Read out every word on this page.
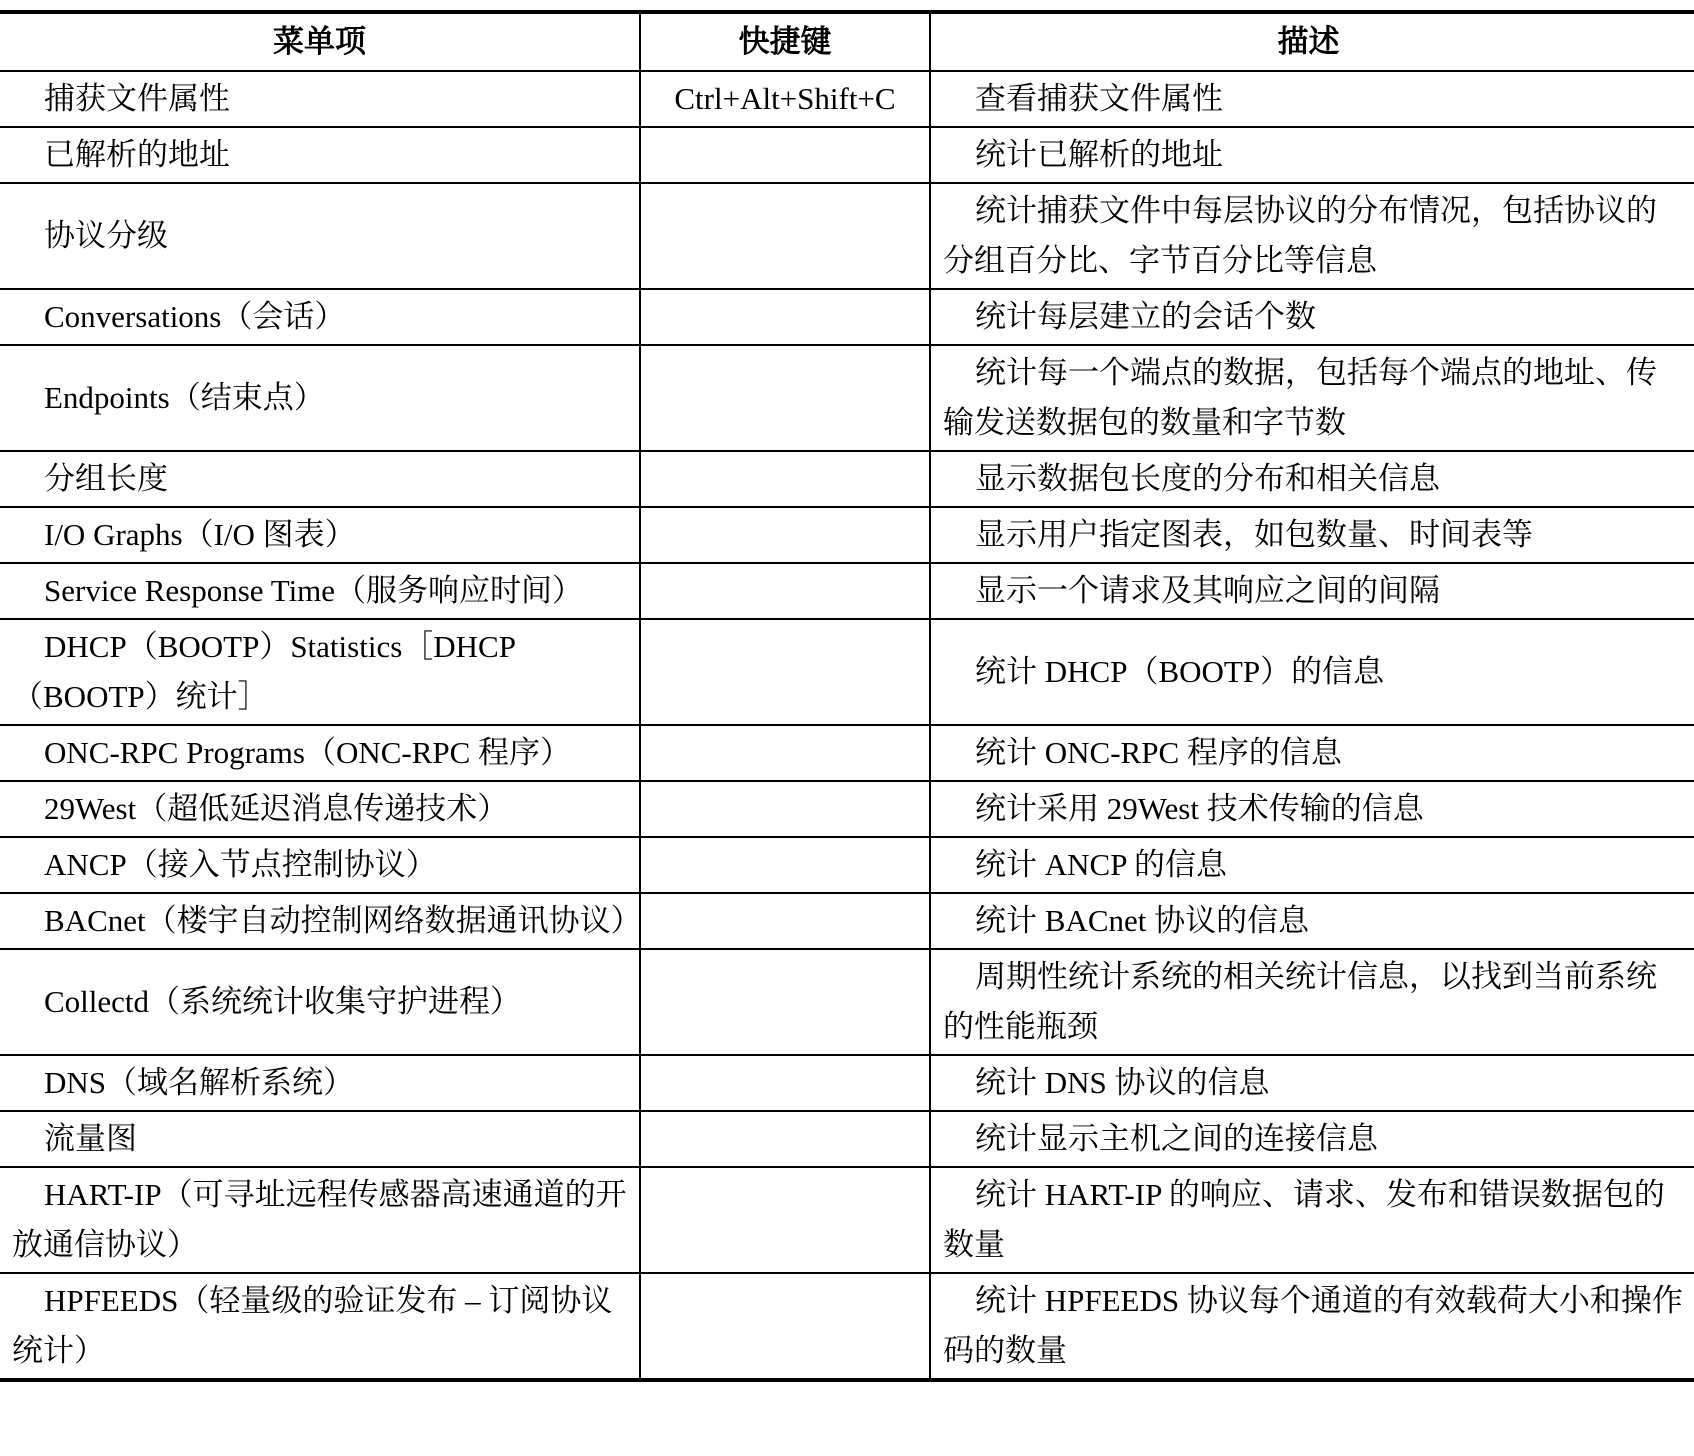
菜单项	快捷键	描述
捕获文件属性	Ctrl+Alt+Shift+C	查看捕获文件属性
已解析的地址		统计已解析的地址
协议分级		统计捕获文件中每层协议的分布情况，包括协议的分组百分比、字节百分比等信息
Conversations（会话）		统计每层建立的会话个数
Endpoints（结束点）		统计每一个端点的数据，包括每个端点的地址、传输发送数据包的数量和字节数
分组长度		显示数据包长度的分布和相关信息
I/O Graphs（I/O 图表）		显示用户指定图表，如包数量、时间表等
Service Response Time（服务响应时间）		显示一个请求及其响应之间的间隔
DHCP（BOOTP）Statistics［DHCP（BOOTP）统计］		统计 DHCP（BOOTP）的信息
ONC-RPC Programs（ONC-RPC 程序）		统计 ONC-RPC 程序的信息
29West（超低延迟消息传递技术）		统计采用 29West 技术传输的信息
ANCP（接入节点控制协议）		统计 ANCP 的信息
BACnet（楼宇自动控制网络数据通讯协议）		统计 BACnet 协议的信息
Collectd（系统统计收集守护进程）		周期性统计系统的相关统计信息，以找到当前系统的性能瓶颈
DNS（域名解析系统）		统计 DNS 协议的信息
流量图		统计显示主机之间的连接信息
HART-IP（可寻址远程传感器高速通道的开放通信协议）		统计 HART-IP 的响应、请求、发布和错误数据包的数量
HPFEEDS（轻量级的验证发布 – 订阅协议统计）		统计 HPFEEDS 协议每个通道的有效载荷大小和操作码的数量
